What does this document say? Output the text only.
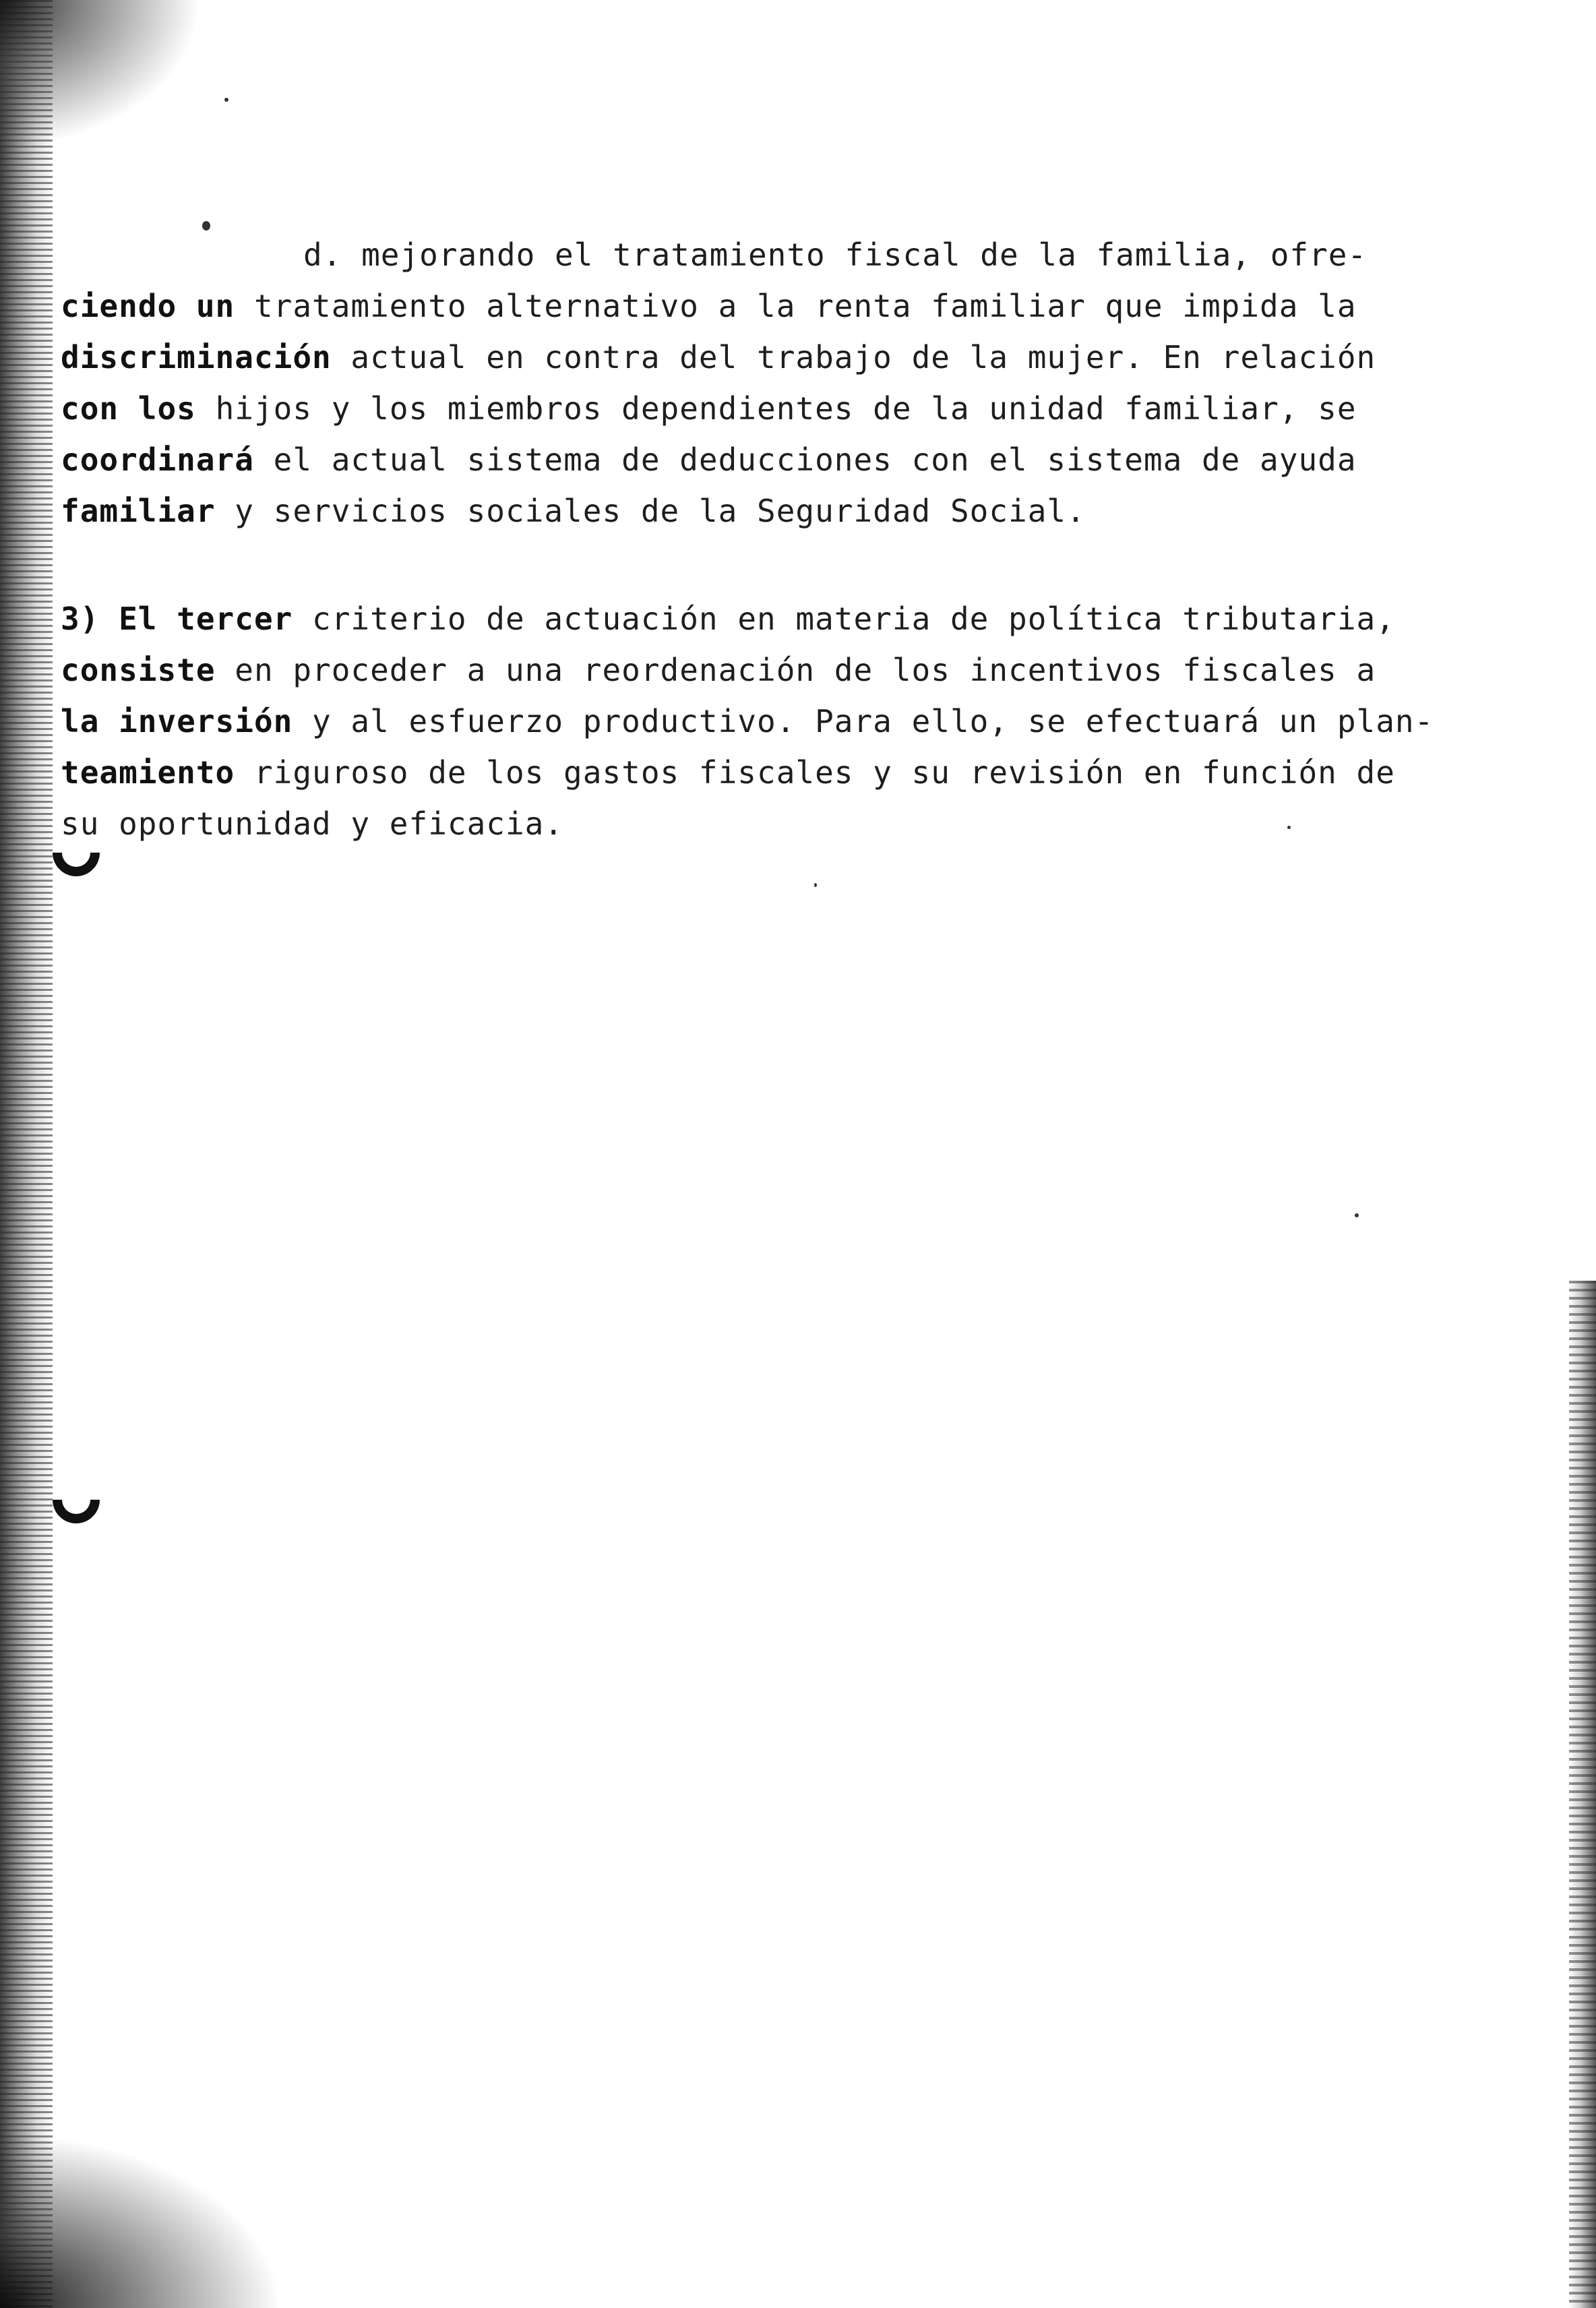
d. mejorando el tratamiento fiscal de la familia, ofre-
ciendo un tratamiento alternativo a la renta familiar que impida la
discriminación actual en contra del trabajo de la mujer. En relación
con los hijos y los miembros dependientes de la unidad familiar, se
coordinará el actual sistema de deducciones con el sistema de ayuda
familiar y servicios sociales de la Seguridad Social.
3) El tercer criterio de actuación en materia de política tributaria,
consiste en proceder a una reordenación de los incentivos fiscales a
la inversión y al esfuerzo productivo. Para ello, se efectuará un plan-
teamiento riguroso de los gastos fiscales y su revisión en función de
su oportunidad y eficacia.
